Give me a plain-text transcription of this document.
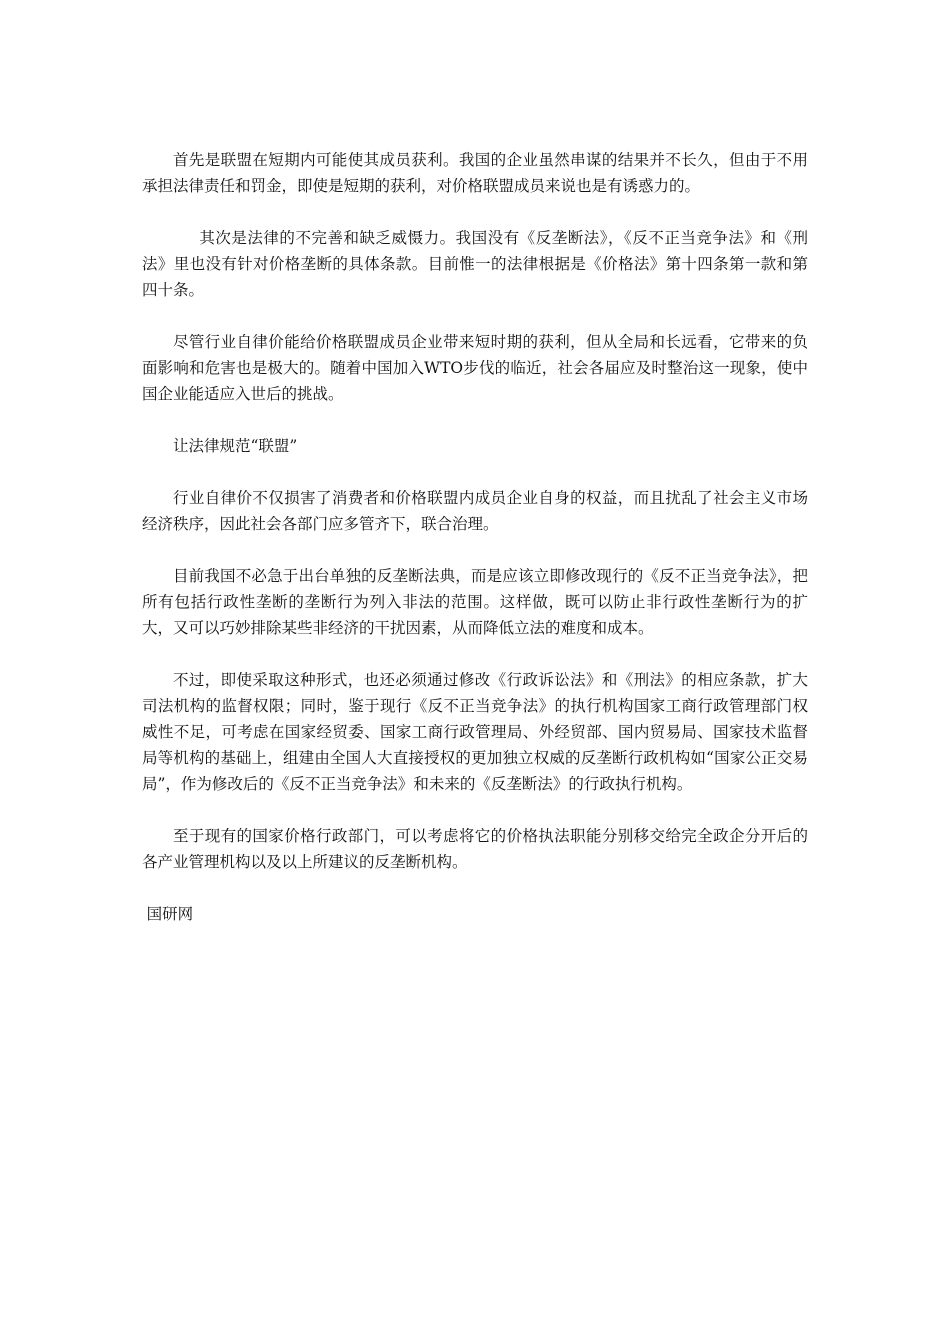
首先是联盟在短期内可能使其成员获利。我国的企业虽然串谋的结果并不长久，但由于不用承担法律责任和罚金，即使是短期的获利，对价格联盟成员来说也是有诱惑力的。

其次是法律的不完善和缺乏威慑力。我国没有《反垄断法》，《反不正当竞争法》和《刑法》里也没有针对价格垄断的具体条款。目前惟一的法律根据是《价格法》第十四条第一款和第四十条。

尽管行业自律价能给价格联盟成员企业带来短时期的获利，但从全局和长远看，它带来的负面影响和危害也是极大的。随着中国加入WTO步伐的临近，社会各届应及时整治这一现象，使中国企业能适应入世后的挑战。

让法律规范“联盟”

行业自律价不仅损害了消费者和价格联盟内成员企业自身的权益，而且扰乱了社会主义市场经济秩序，因此社会各部门应多管齐下，联合治理。

目前我国不必急于出台单独的反垄断法典，而是应该立即修改现行的《反不正当竞争法》，把所有包括行政性垄断的垄断行为列入非法的范围。这样做，既可以防止非行政性垄断行为的扩大，又可以巧妙排除某些非经济的干扰因素，从而降低立法的难度和成本。

不过，即使采取这种形式，也还必须通过修改《行政诉讼法》和《刑法》的相应条款，扩大司法机构的监督权限；同时，鉴于现行《反不正当竞争法》的执行机构国家工商行政管理部门权威性不足，可考虑在国家经贸委、国家工商行政管理局、外经贸部、国内贸易局、国家技术监督局等机构的基础上，组建由全国人大直接授权的更加独立权威的反垄断行政机构如“国家公正交易局”，作为修改后的《反不正当竞争法》和未来的《反垄断法》的行政执行机构。

至于现有的国家价格行政部门，可以考虑将它的价格执法职能分别移交给完全政企分开后的各产业管理机构以及以上所建议的反垄断机构。

国研网
